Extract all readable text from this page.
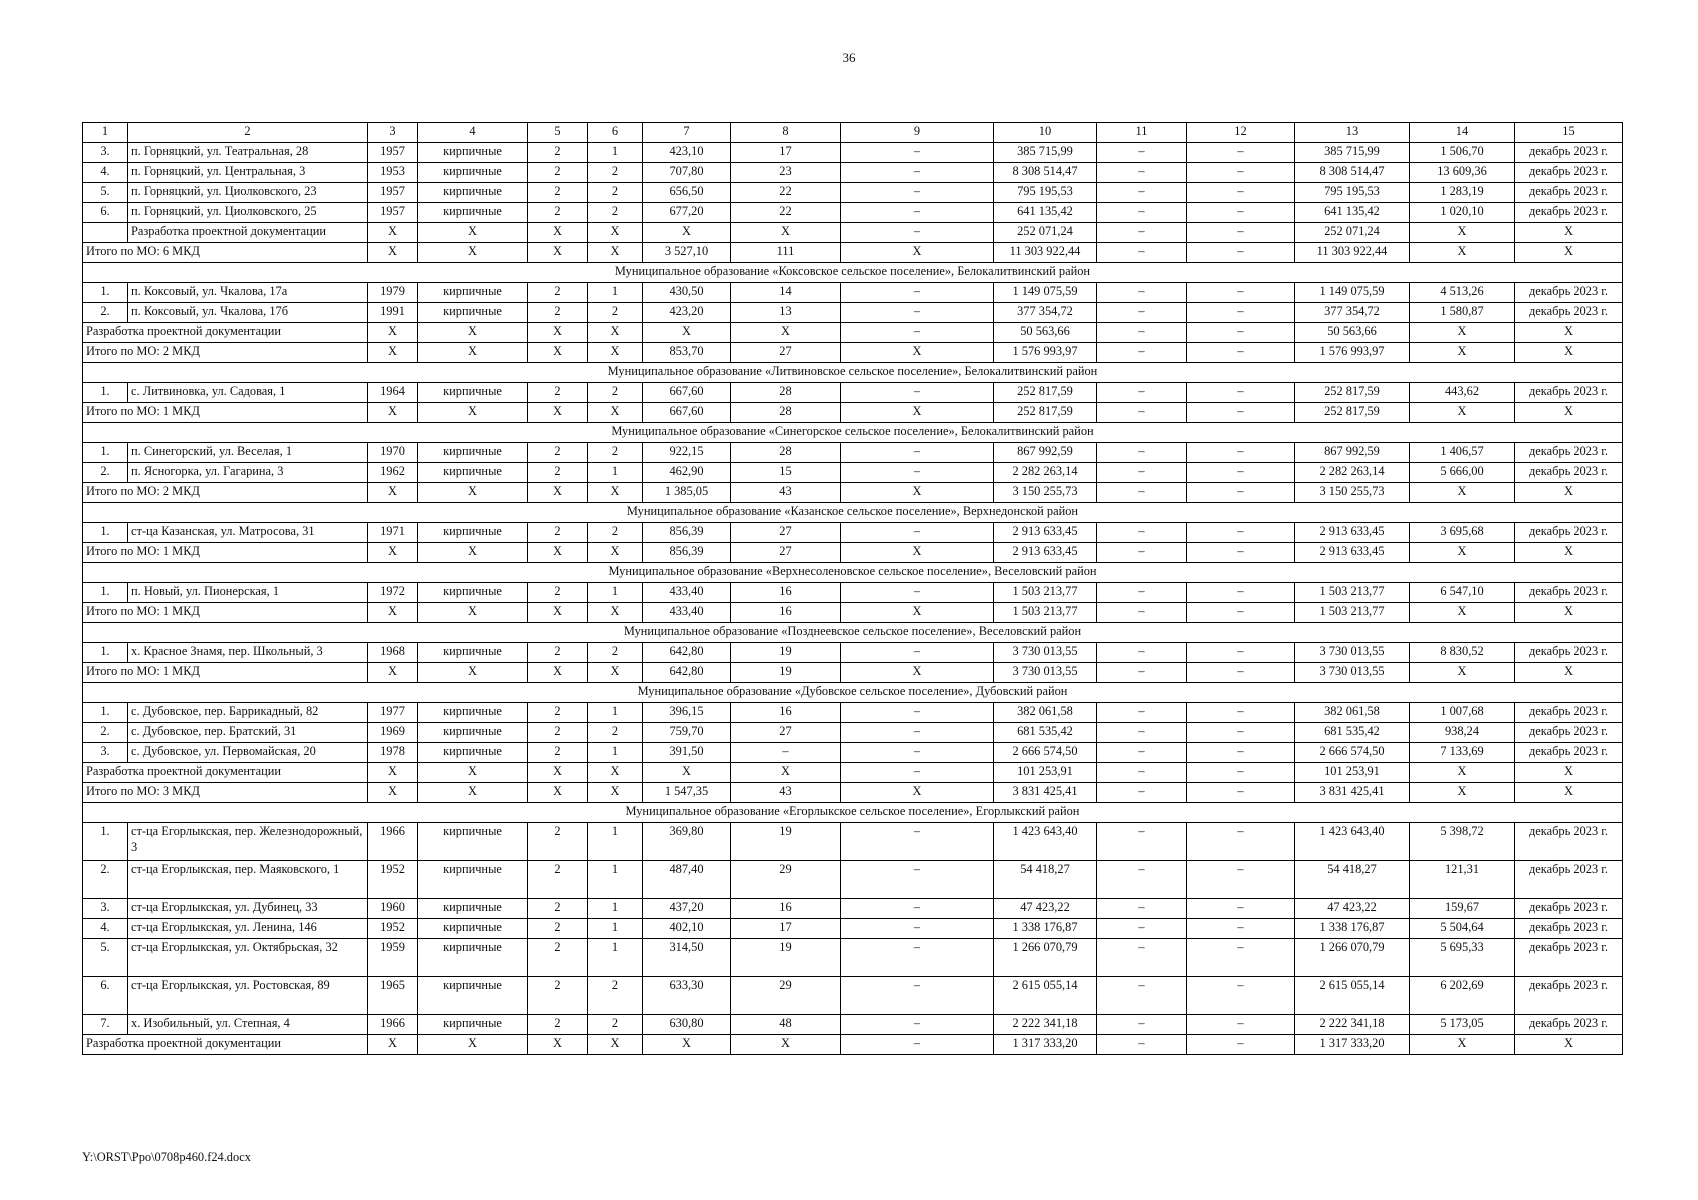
36
1	2	3	4	5	6	7	8	9	10	11	12	13	14	15
3.	п. Горняцкий, ул. Театральная, 28	1957	кирпичные	2	1	423,10	17	–	385 715,99	–	–	385 715,99	1 506,70	декабрь 2023 г.
4.	п. Горняцкий, ул. Центральная, 3	1953	кирпичные	2	2	707,80	23	–	8 308 514,47	–	–	8 308 514,47	13 609,36	декабрь 2023 г.
5.	п. Горняцкий, ул. Циолковского, 23	1957	кирпичные	2	2	656,50	22	–	795 195,53	–	–	795 195,53	1 283,19	декабрь 2023 г.
6.	п. Горняцкий, ул. Циолковского, 25	1957	кирпичные	2	2	677,20	22	–	641 135,42	–	–	641 135,42	1 020,10	декабрь 2023 г.
	Разработка проектной документации	X	X	X	X	X	X	–	252 071,24	–	–	252 071,24	X	X
Итого по МО: 6 МКД		X	X	X	X	3 527,10	111	X	11 303 922,44	–	–	11 303 922,44	X	X
Муниципальное образование «Коксовское сельское поселение», Белокалитвинский район														
1.	п. Коксовый, ул. Чкалова, 17а	1979	кирпичные	2	1	430,50	14	–	1 149 075,59	–	–	1 149 075,59	4 513,26	декабрь 2023 г.
2.	п. Коксовый, ул. Чкалова, 17б	1991	кирпичные	2	2	423,20	13	–	377 354,72	–	–	377 354,72	1 580,87	декабрь 2023 г.
Разработка проектной документации		X	X	X	X	X	X	–	50 563,66	–	–	50 563,66	X	X
Итого по МО: 2 МКД		X	X	X	X	853,70	27	X	1 576 993,97	–	–	1 576 993,97	X	X
Муниципальное образование «Литвиновское сельское поселение», Белокалитвинский район														
1.	с. Литвиновка, ул. Садовая, 1	1964	кирпичные	2	2	667,60	28	–	252 817,59	–	–	252 817,59	443,62	декабрь 2023 г.
Итого по МО: 1 МКД		X	X	X	X	667,60	28	X	252 817,59	–	–	252 817,59	X	X
Муниципальное образование «Синегорское сельское поселение», Белокалитвинский район														
1.	п. Синегорский, ул. Веселая, 1	1970	кирпичные	2	2	922,15	28	–	867 992,59	–	–	867 992,59	1 406,57	декабрь 2023 г.
2.	п. Ясногорка, ул. Гагарина, 3	1962	кирпичные	2	1	462,90	15	–	2 282 263,14	–	–	2 282 263,14	5 666,00	декабрь 2023 г.
Итого по МО: 2 МКД		X	X	X	X	1 385,05	43	X	3 150 255,73	–	–	3 150 255,73	X	X
Муниципальное образование «Казанское сельское поселение», Верхнедонской район														
1.	ст-ца Казанская, ул. Матросова, 31	1971	кирпичные	2	2	856,39	27	–	2 913 633,45	–	–	2 913 633,45	3 695,68	декабрь 2023 г.
Итого по МО: 1 МКД		X	X	X	X	856,39	27	X	2 913 633,45	–	–	2 913 633,45	X	X
Муниципальное образование «Верхнесоленовское сельское поселение», Веселовский район														
1.	п. Новый, ул. Пионерская, 1	1972	кирпичные	2	1	433,40	16	–	1 503 213,77	–	–	1 503 213,77	6 547,10	декабрь 2023 г.
Итого по МО: 1 МКД		X	X	X	X	433,40	16	X	1 503 213,77	–	–	1 503 213,77	X	X
Муниципальное образование «Позднеевское сельское поселение», Веселовский район														
1.	х. Красное Знамя, пер. Школьный, 3	1968	кирпичные	2	2	642,80	19	–	3 730 013,55	–	–	3 730 013,55	8 830,52	декабрь 2023 г.
Итого по МО: 1 МКД		X	X	X	X	642,80	19	X	3 730 013,55	–	–	3 730 013,55	X	X
Муниципальное образование «Дубовское сельское поселение», Дубовский район														
1.	с. Дубовское, пер. Баррикадный, 82	1977	кирпичные	2	1	396,15	16	–	382 061,58	–	–	382 061,58	1 007,68	декабрь 2023 г.
2.	с. Дубовское, пер. Братский, 31	1969	кирпичные	2	2	759,70	27	–	681 535,42	–	–	681 535,42	938,24	декабрь 2023 г.
3.	с. Дубовское, ул. Первомайская, 20	1978	кирпичные	2	1	391,50	–	–	2 666 574,50	–	–	2 666 574,50	7 133,69	декабрь 2023 г.
Разработка проектной документации		X	X	X	X	X	X	–	101 253,91	–	–	101 253,91	X	X
Итого по МО: 3 МКД		X	X	X	X	1 547,35	43	X	3 831 425,41	–	–	3 831 425,41	X	X
Муниципальное образование «Егорлыкское сельское поселение», Егорлыкский район														
1.	ст-ца Егорлыкская, пер. Железнодорожный, 3	1966	кирпичные	2	1	369,80	19	–	1 423 643,40	–	–	1 423 643,40	5 398,72	декабрь 2023 г.
2.	ст-ца Егорлыкская, пер. Маяковского, 1	1952	кирпичные	2	1	487,40	29	–	54 418,27	–	–	54 418,27	121,31	декабрь 2023 г.
3.	ст-ца Егорлыкская, ул. Дубинец, 33	1960	кирпичные	2	1	437,20	16	–	47 423,22	–	–	47 423,22	159,67	декабрь 2023 г.
4.	ст-ца Егорлыкская, ул. Ленина, 146	1952	кирпичные	2	1	402,10	17	–	1 338 176,87	–	–	1 338 176,87	5 504,64	декабрь 2023 г.
5.	ст-ца Егорлыкская, ул. Октябрьская, 32	1959	кирпичные	2	1	314,50	19	–	1 266 070,79	–	–	1 266 070,79	5 695,33	декабрь 2023 г.
6.	ст-ца Егорлыкская, ул. Ростовская, 89	1965	кирпичные	2	2	633,30	29	–	2 615 055,14	–	–	2 615 055,14	6 202,69	декабрь 2023 г.
7.	х. Изобильный, ул. Степная, 4	1966	кирпичные	2	2	630,80	48	–	2 222 341,18	–	–	2 222 341,18	5 173,05	декабрь 2023 г.
Разработка проектной документации		X	X	X	X	X	X	–	1 317 333,20	–	–	1 317 333,20	X	X
Y:\ORST\Ppo\0708p460.f24.docx
